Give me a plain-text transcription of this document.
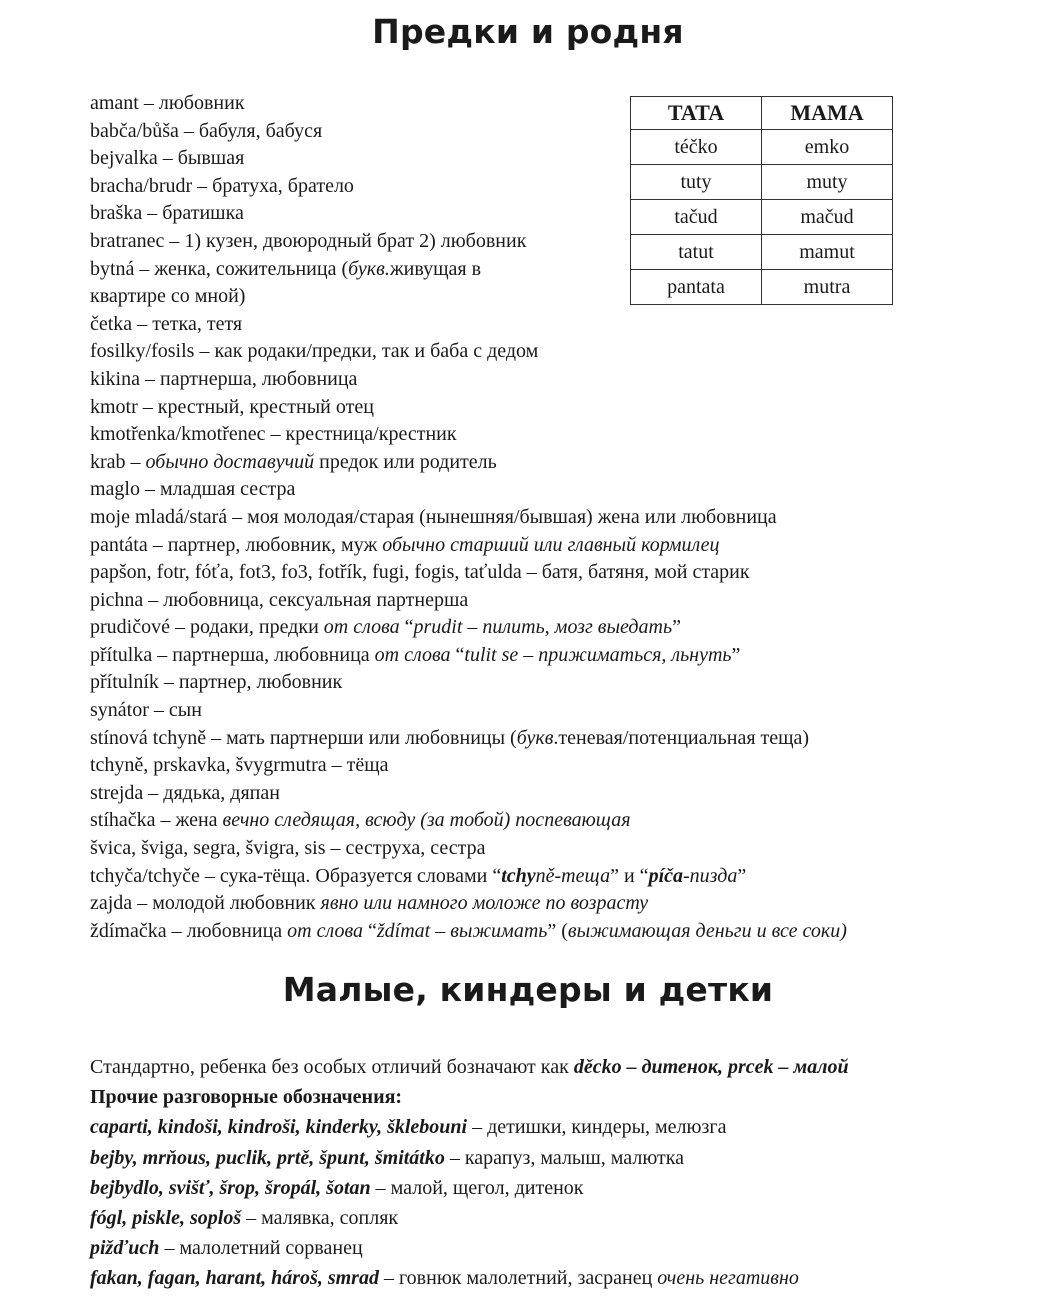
Предки и родня
amant – любовник
babča/bůša – бабуля, бабуся
bejvalka – бывшая
bracha/brudr – братуха, братело
braška – братишка
bratranec – 1) кузен, двоюродный брат 2) любовник
bytná – женка, сожительница (букв.живущая в квартире со мной)
četka – тетка, тетя
fosilky/fosils – как родаки/предки, так и баба с дедом
kikina – партнерша, любовница
kmotr – крестный, крестный отец
kmotřenka/kmotřenec – крестница/крестник
krab – обычно доставучий предок или родитель
maglo – младшая сестра
moje mladá/stará – моя молодая/старая (нынешняя/бывшая) жена или любовница
pantáta – партнер, любовник, муж обычно старший или главный кормилец
papšon, fotr, fóťa, fot3, fo3, fotřík, fugi, fogis, taťulda – батя, батяня, мой старик
pichna – любовница, сексуальная партнерша
prudičové – родаки, предки от слова “prudit – пилить, мозг выедать”
přítulka – партнерша, любовница от слова “tulit se – прижиматься, льнуть”
přítulník – партнер, любовник
synátor – сын
stínová tchyně – мать партнерши или любовницы (букв.теневая/потенциальная теща)
tchyně, prskavka, švygrmutra – тёща
strejda – дядька, дяпан
stíhačka – жена вечно следящая, всюду (за тобой) поспевающая
švica, šviga, segra, švigra, sis – сеструха, сестра
tchyča/tchyče – сука-тёща. Образуется словами “tchyně-теща” и “píča-пизда”
zajda – молодой любовник явно или намного моложе по возрасту
ždímačka – любовница от слова “ždímat – выжимать” (выжимающая деньги и все соки)
TATA	MAMA
téčko	emko
tuty	muty
tačud	mačud
tatut	mamut
pantata	mutra
Малые, киндеры и детки
Стандартно, ребенка без особых отличий бозначают как děcko – дитенок, prcek – малой
Прочие разговорные обозначения:
caparti, kindoši, kindroši, kinderky, šklebouni – детишки, киндеры, мелюзга
bejby, mrňous, puclik, prtě, špunt, šmitátko – карапуз, малыш, малютка
bejbydlo, svišť, šrop, šropál, šotan – малой, щегол, дитенок
fógl, piskle, soploš – малявка, сопляк
pižďuch – малолетний сорванец
fakan, fagan, harant, hároš, smrad – говнюк малолетний, засранец очень негативно
